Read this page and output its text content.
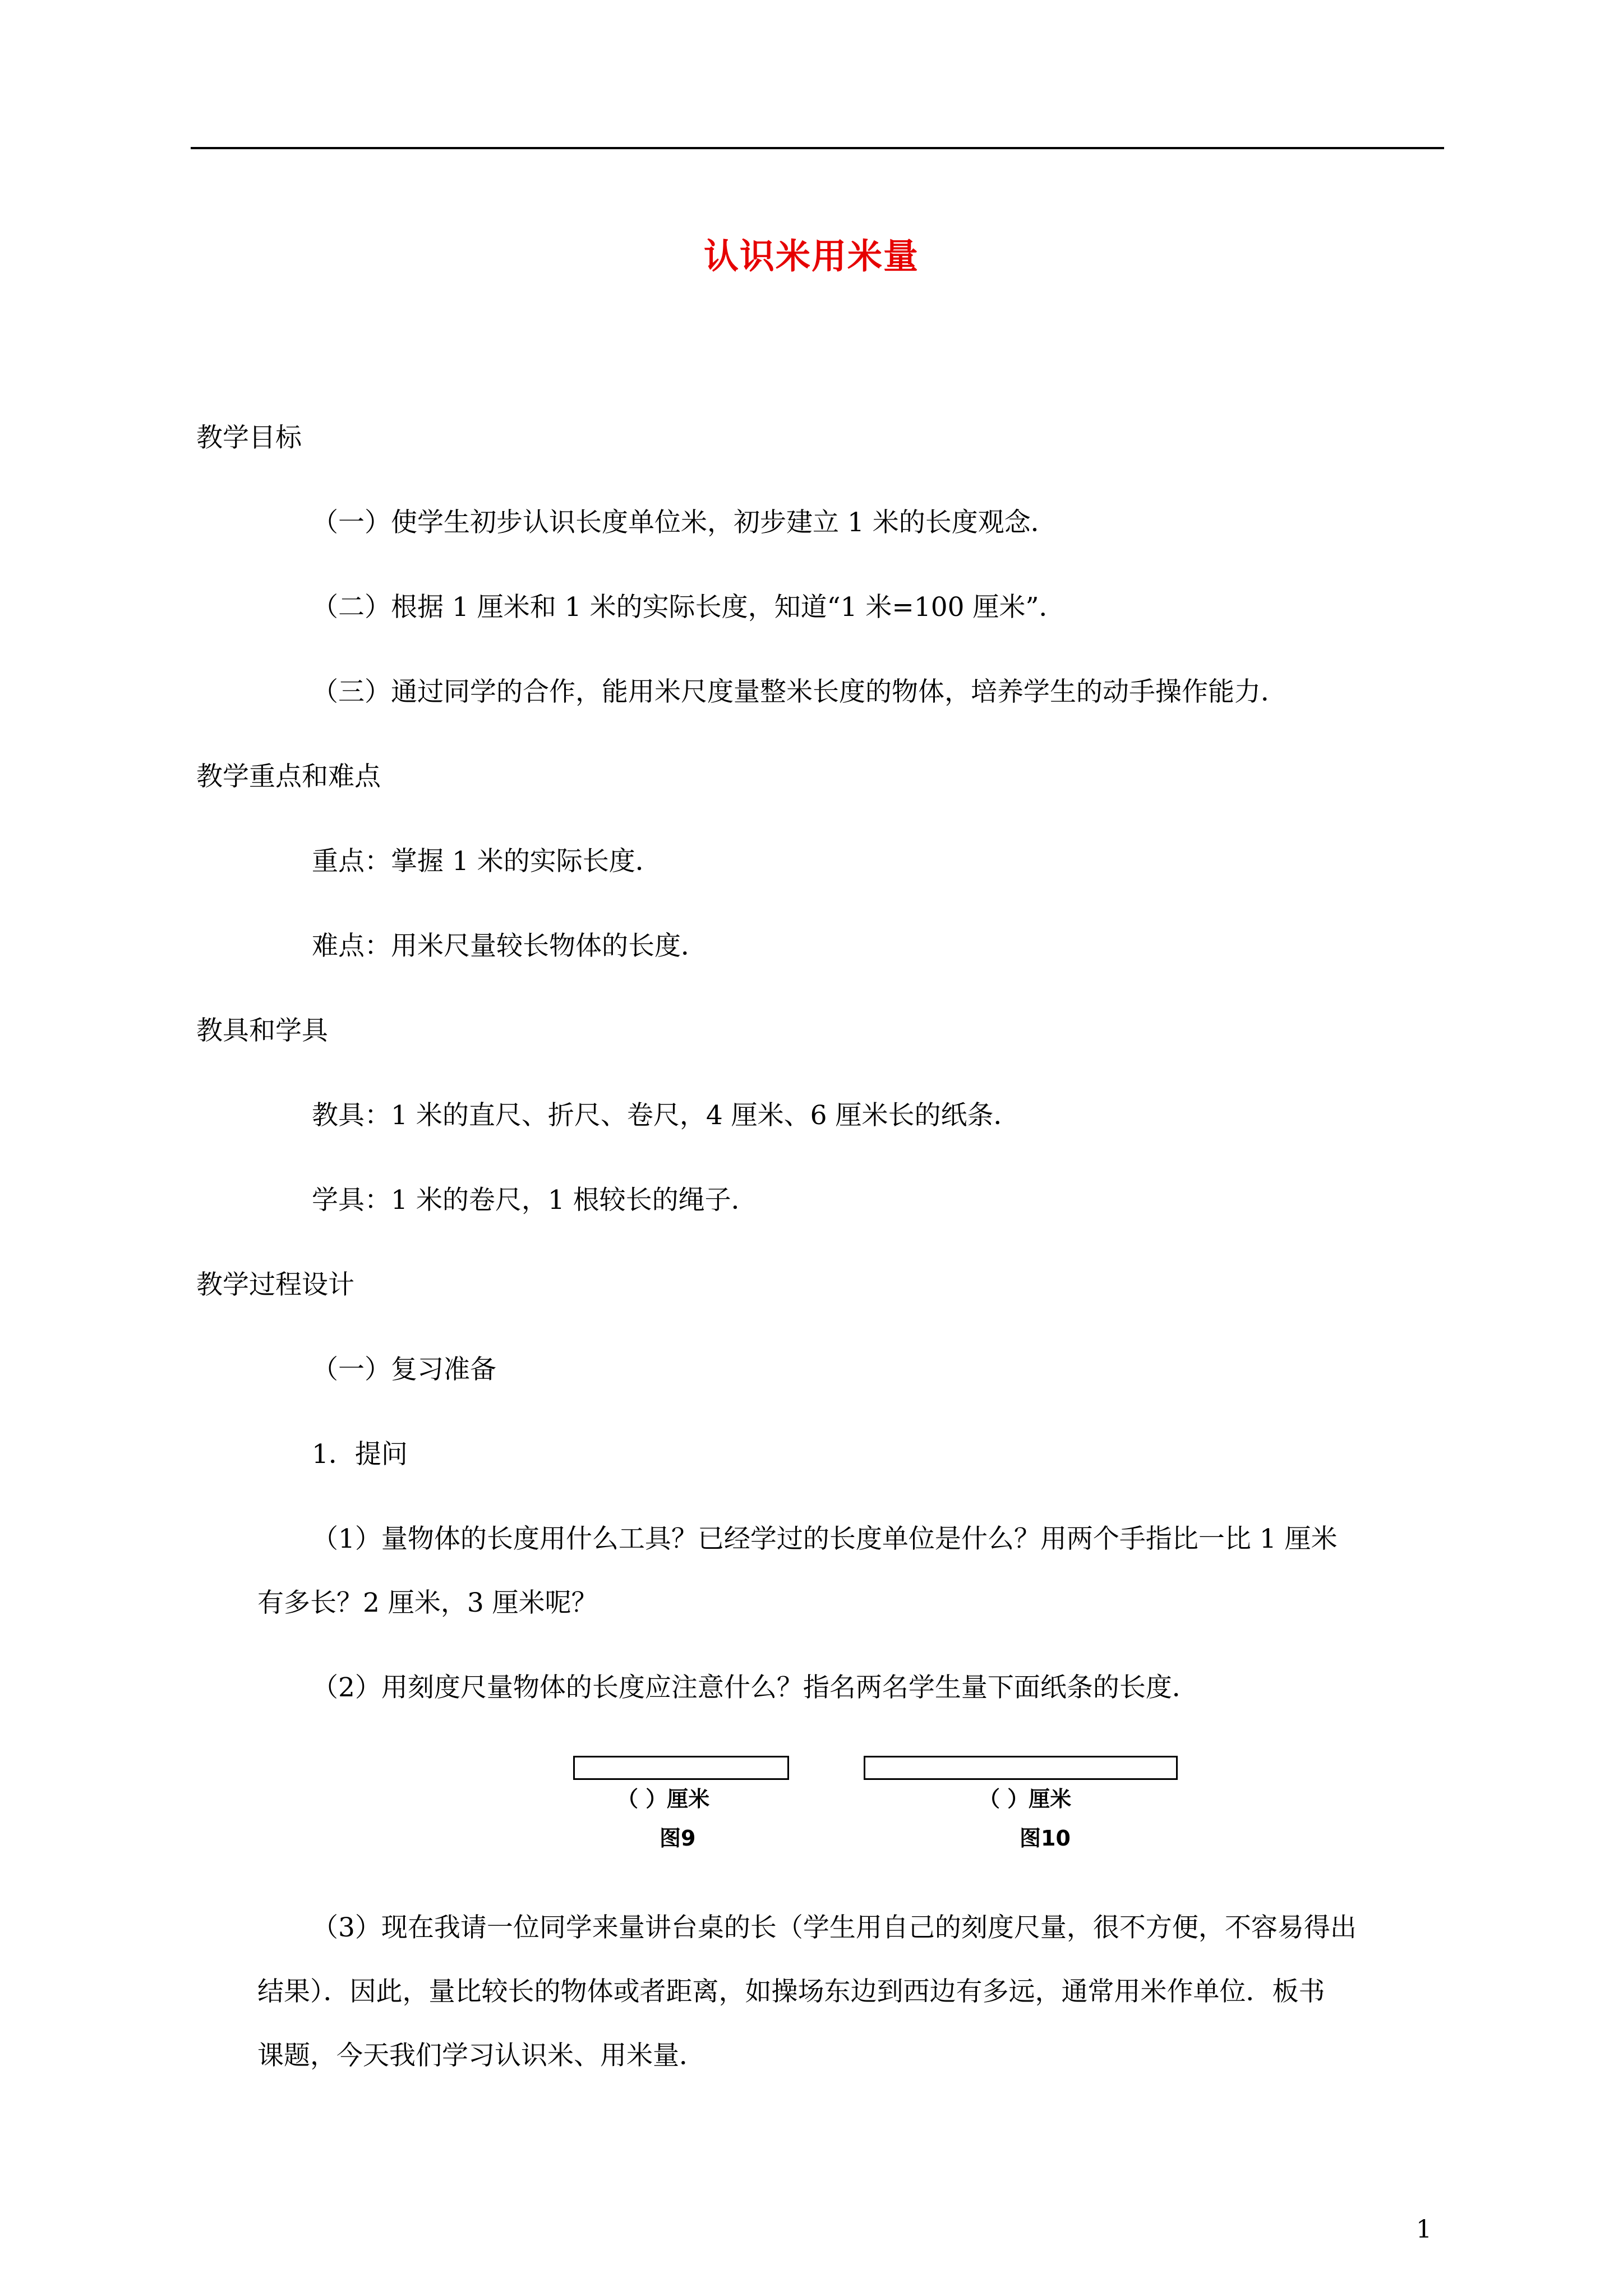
认识米用米量
教学目标
（一）使学生初步认识长度单位米，初步建立 1 米的长度观念．
（二）根据 1 厘米和 1 米的实际长度，知道“1 米=100 厘米”．
（三）通过同学的合作，能用米尺度量整米长度的物体，培养学生的动手操作能力．
教学重点和难点
重点：掌握 1 米的实际长度．
难点：用米尺量较长物体的长度．
教具和学具
教具：1 米的直尺、折尺、卷尺，4 厘米、6 厘米长的纸条．
学具：1 米的卷尺，1 根较长的绳子．
教学过程设计
（一）复习准备
1．提问
（1）量物体的长度用什么工具？已经学过的长度单位是什么？用两个手指比一比 1 厘米
有多长？2 厘米，3 厘米呢？
（2）用刻度尺量物体的长度应注意什么？指名两名学生量下面纸条的长度．
（ ）厘米
图9
（ ）厘米
图10
（3）现在我请一位同学来量讲台桌的长（学生用自己的刻度尺量，很不方便，不容易得出
结果）．因此，量比较长的物体或者距离，如操场东边到西边有多远，通常用米作单位．板书
课题，今天我们学习认识米、用米量．
1
